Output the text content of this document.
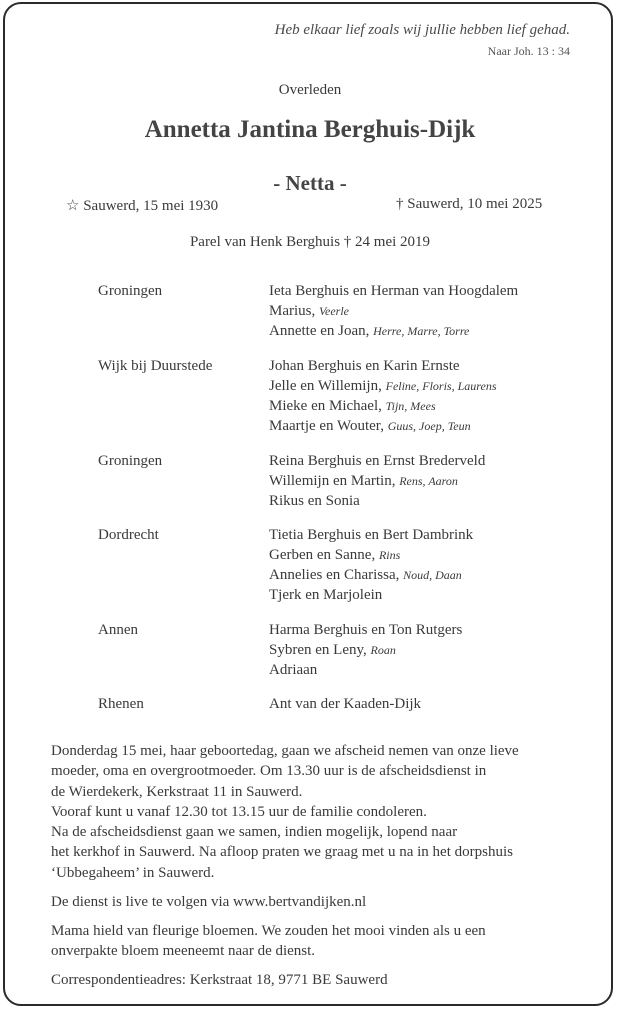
Heb elkaar lief zoals wij jullie hebben lief gehad.
Naar Joh. 13 : 34
Overleden
Annetta Jantina Berghuis-Dijk
- Netta -
☆ Sauwerd, 15 mei 1930	† Sauwerd, 10 mei 2025
Parel van Henk Berghuis † 24 mei 2019
Groningen	Ieta Berghuis en Herman van Hoogdalem
Marius, Veerle
Annette en Joan, Herre, Marre, Torre
Wijk bij Duurstede	Johan Berghuis en Karin Ernste
Jelle en Willemijn, Feline, Floris, Laurens
Mieke en Michael, Tijn, Mees
Maartje en Wouter, Guus, Joep, Teun
Groningen	Reina Berghuis en Ernst Brederveld
Willemijn en Martin, Rens, Aaron
Rikus en Sonia
Dordrecht	Tietia Berghuis en Bert Dambrink
Gerben en Sanne, Rins
Annelies en Charissa, Noud, Daan
Tjerk en Marjolein
Annen	Harma Berghuis en Ton Rutgers
Sybren en Leny, Roan
Adriaan
Rhenen	Ant van der Kaaden-Dijk
Donderdag 15 mei, haar geboortedag, gaan we afscheid nemen van onze lieve
moeder, oma en overgrootmoeder. Om 13.30 uur is de afscheidsdienst in
de Wierdekerk, Kerkstraat 11 in Sauwerd.
Vooraf kunt u vanaf 12.30 tot 13.15 uur de familie condoleren.
Na de afscheidsdienst gaan we samen, indien mogelijk, lopend naar
het kerkhof in Sauwerd. Na afloop praten we graag met u na in het dorpshuis
‘Ubbegaheem’ in Sauwerd.
De dienst is live te volgen via www.bertvandijken.nl
Mama hield van fleurige bloemen. We zouden het mooi vinden als u een
onverpakte bloem meeneemt naar de dienst.
Correspondentieadres: Kerkstraat 18, 9771 BE Sauwerd
